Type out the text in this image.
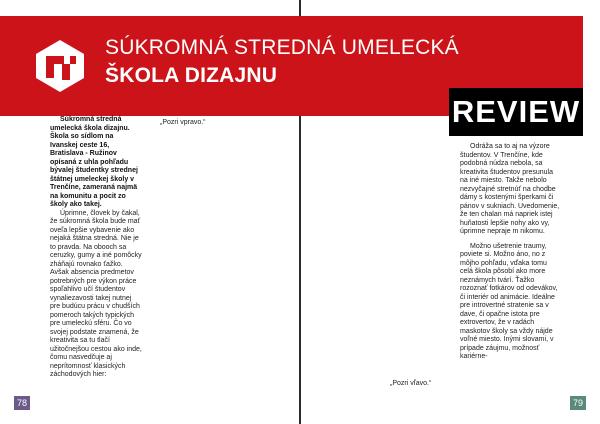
SÚKROMNÁ STREDNÁ UMELECKÁ
ŠKOLA DIZAJNU
REVIEW

Súkromná stredná umelecká škola dizajnu. Škola so sídlom na Ivanskej ceste 16, Bratislava - Ružinov opísaná z uhla pohľadu bývalej študentky strednej štátnej umeleckej školy v Trenčíne, zameraná najmä na komunitu a pocit zo školy ako takej.

Úprimne, človek by čakal, že súkromná škola bude mať oveľa lepšie vybavenie ako nejaká štátna stredná. Nie je to pravda. Na obooch sa ceruzky, gumy a iné pomôcky zháňajú rovnako ťažko. Avšak absencia predmetov potrebných pre výkon práce spoľahlivo učí študentov vynaliezavosti takej nutnej pre budúcu prácu v chudších pomeroch takých typických pre umeleckú sféru. Čo vo svojej podstate znamená, že kreativita sa tu tlačí užitočnejšou cestou ako inde, čomu nasvedčuje aj neprítomnosť klasických záchodových hier:

„Pozri vpravo.“
„Pozri vľavo.“

Odráža sa to aj na výzore študentov. V Trenčíne, kde podobná núdza nebola, sa kreativita študentov presunula na iné miesto. Takže nebolo nezvyčajné stretnúť na chodbe dámy s kostenými šperkami či pánov v sukniach. Uvedomenie, že ten chalan má napriek istej huňatosti lepšie nohy ako vy, úprimne nepraje m nikomu.

Možno ušetrenie traumy, poviete si. Možno áno, no z môjho pohľadu, vďaka tomu celá škola pôsobí ako more neznámych tvárí. Ťažko rozoznať fotkárov od odevákov, či interiér od animácie. Ideálne pre introvertné stratenie sa v dave, či opačne istota pre extrovertov, že v radách maskotov školy sa vždy nájde voľné miesto. Inými slovami, v prípade záujmu, možnosť kariérne-

78	79
